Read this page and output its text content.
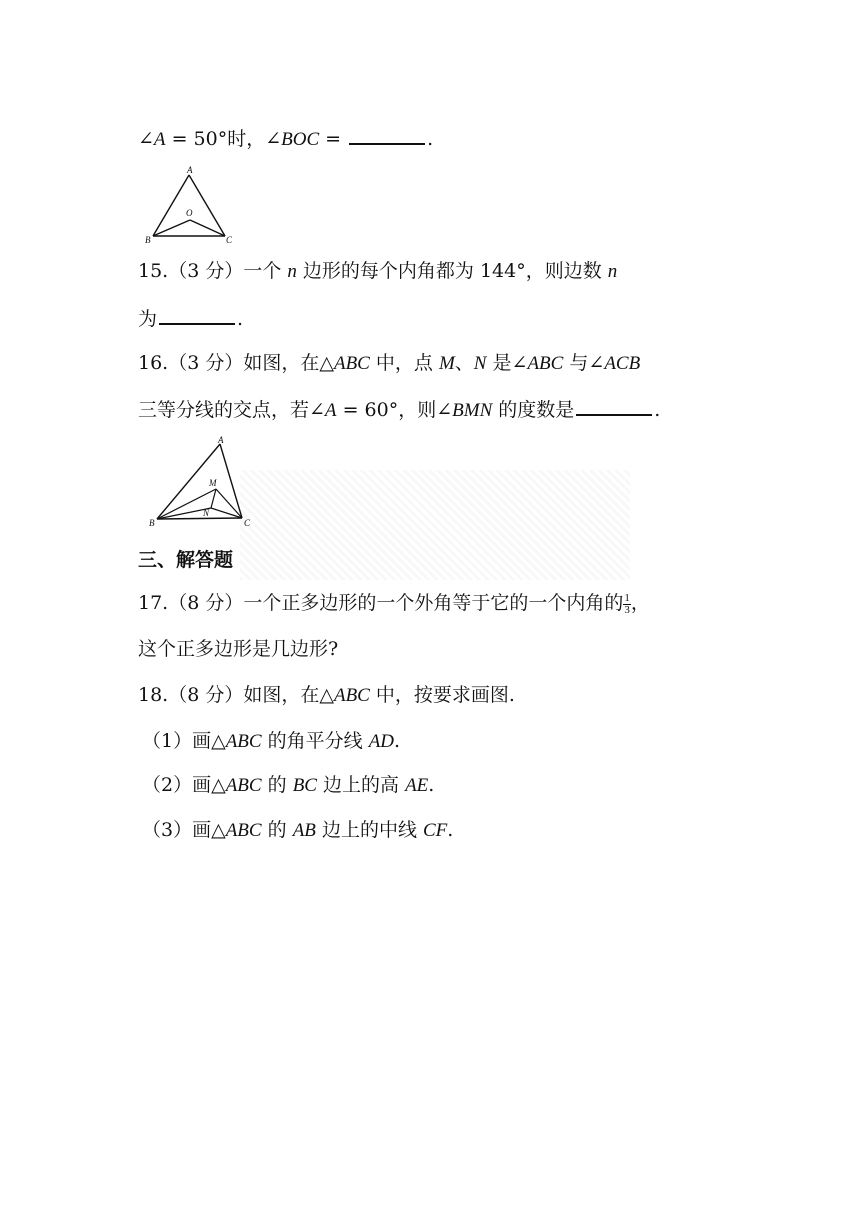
∠A = 50°时，∠BOC =	.
A
O
B	C
15.（3 分）一个 n 边形的每个内角都为 144°，则边数 n
为	.
16.（3 分）如图，在△ABC 中，点 M、N 是∠ABC 与∠ACB
三等分线的交点，若∠A = 60°，则∠BMN 的度数是	.
A
M
N
B	C
三、解答题
17.（8 分）一个正多边形的一个外角等于它的一个内角的 $\frac{1}{3}$ ，
这个正多边形是几边形?
18.（8 分）如图，在△ABC 中，按要求画图.
（1）画△ABC 的角平分线 AD.
（2）画△ABC 的 BC 边上的高 AE.
（3）画△ABC 的 AB 边上的中线 CF.
